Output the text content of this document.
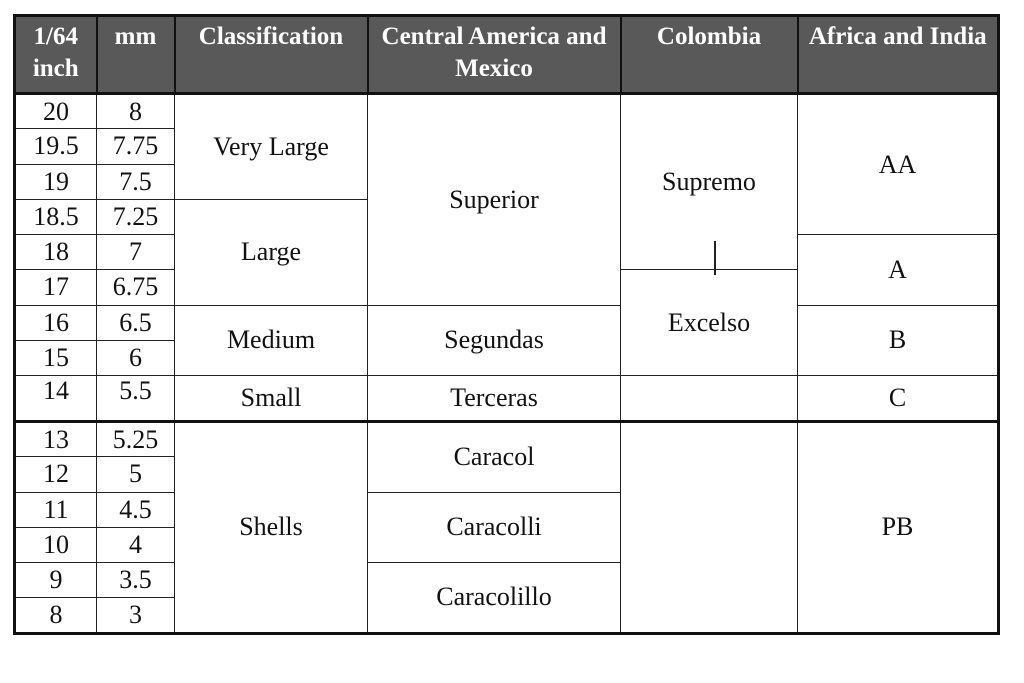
1/64 inch	mm	Classification	Central America and Mexico	Colombia	Africa and India
20	8	Very Large	Superior	Supremo	AA
19.5	7.75				
19	7.5				
18.5	7.25	Large			
18	7				A
17	6.75			Excelso	
16	6.5	Medium	Segundas		B
15	6				
14	5.5	Small	Terceras		C
13	5.25	Shells	Caracol		PB
12	5				
11	4.5		Caracolli		
10	4				
9	3.5		Caracolillo		
8	3				
